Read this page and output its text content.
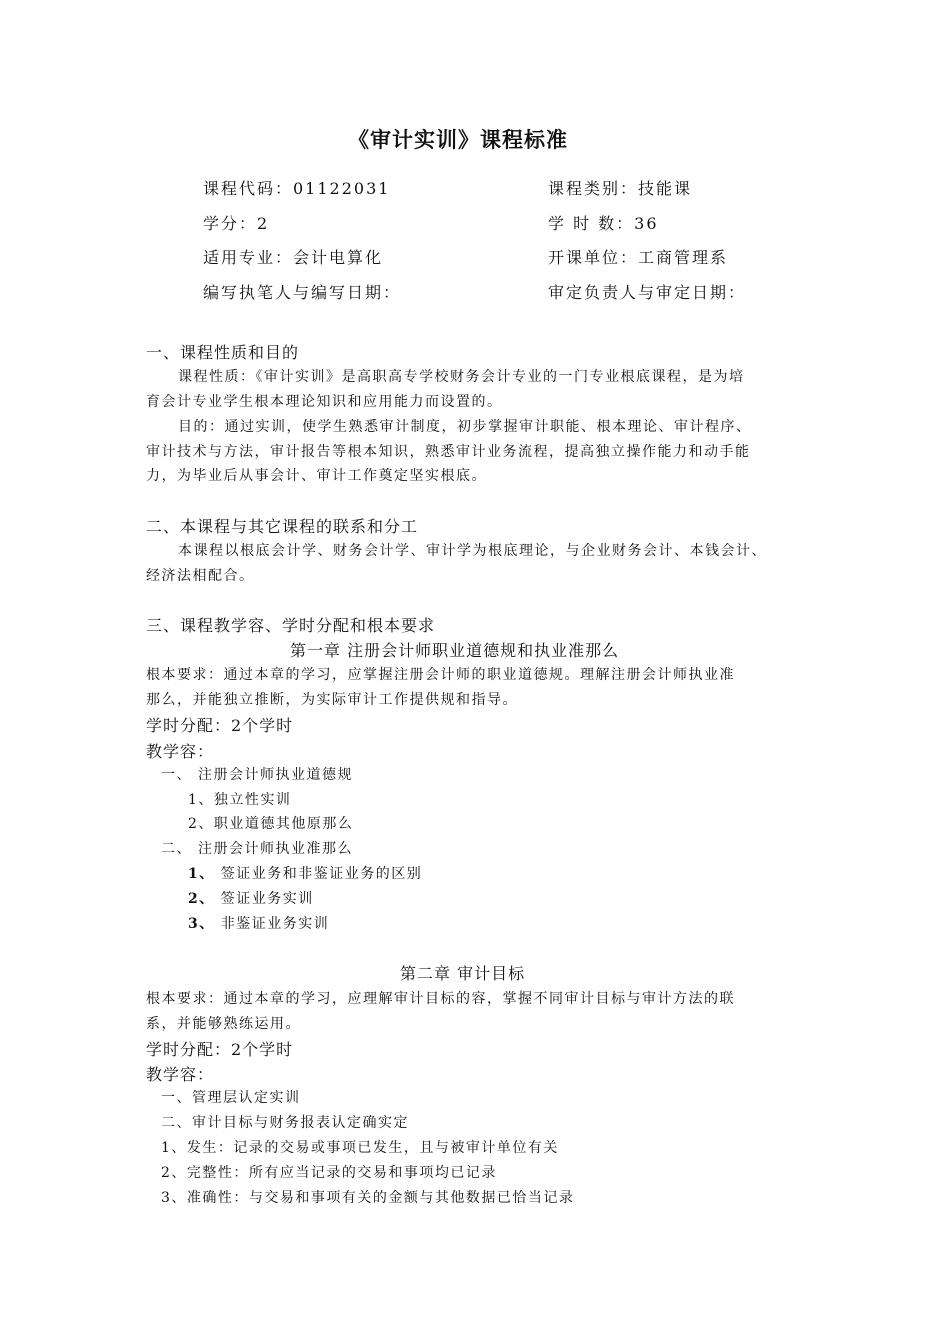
《审计实训》课程标准
课程代码：01122031	课程类别：技能课
学分：2	学 时 数：36
适用专业：会计电算化	开课单位：工商管理系
编写执笔人与编写日期：	审定负责人与审定日期：
一、课程性质和目的
课程性质：《审计实训》是高职高专学校财务会计专业的一门专业根底课程，是为培
育会计专业学生根本理论知识和应用能力而设置的。
目的：通过实训，使学生熟悉审计制度，初步掌握审计职能、根本理论、审计程序、
审计技术与方法，审计报告等根本知识，熟悉审计业务流程，提高独立操作能力和动手能
力，为毕业后从事会计、审计工作奠定坚实根底。
二、本课程与其它课程的联系和分工
本课程以根底会计学、财务会计学、审计学为根底理论，与企业财务会计、本钱会计、
经济法相配合。
三、课程教学容、学时分配和根本要求
第一章 注册会计师职业道德规和执业准那么
根本要求：通过本章的学习，应掌握注册会计师的职业道德规。理解注册会计师执业准
那么，并能独立推断，为实际审计工作提供规和指导。
学时分配：2个学时
教学容：
一、 注册会计师执业道德规
1、独立性实训
2、职业道德其他原那么
二、 注册会计师执业准那么
1、 签证业务和非鉴证业务的区别
2、 签证业务实训
3、 非鉴证业务实训
第二章 审计目标
根本要求：通过本章的学习，应理解审计目标的容，掌握不同审计目标与审计方法的联
系，并能够熟练运用。
学时分配：2个学时
教学容：
一、管理层认定实训
二、审计目标与财务报表认定确实定
1、发生：记录的交易或事项已发生，且与被审计单位有关
2、完整性：所有应当记录的交易和事项均已记录
3、准确性：与交易和事项有关的金额与其他数据已恰当记录
